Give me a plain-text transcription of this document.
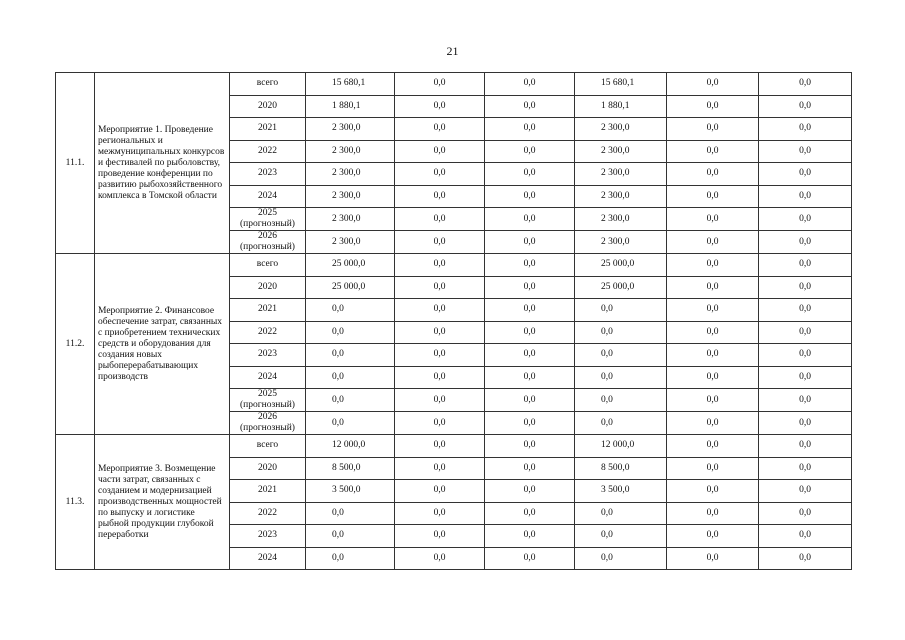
21
11.1.	Мероприятие 1. Проведение региональных и межмуниципальных конкурсов и фестивалей по рыболовству, проведение конференции по развитию рыбохозяйственного комплекса в Томской области	всего	15 680,1	0,0	0,0	15 680,1	0,0	0,0
		2020	1 880,1	0,0	0,0	1 880,1	0,0	0,0
		2021	2 300,0	0,0	0,0	2 300,0	0,0	0,0
		2022	2 300,0	0,0	0,0	2 300,0	0,0	0,0
		2023	2 300,0	0,0	0,0	2 300,0	0,0	0,0
		2024	2 300,0	0,0	0,0	2 300,0	0,0	0,0
		2025 (прогнозный)	2 300,0	0,0	0,0	2 300,0	0,0	0,0
		2026 (прогнозный)	2 300,0	0,0	0,0	2 300,0	0,0	0,0
11.2.	Мероприятие 2. Финансовое обеспечение затрат, связанных с приобретением технических средств и оборудования для создания новых рыбоперерабатывающих производств	всего	25 000,0	0,0	0,0	25 000,0	0,0	0,0
		2020	25 000,0	0,0	0,0	25 000,0	0,0	0,0
		2021	0,0	0,0	0,0	0,0	0,0	0,0
		2022	0,0	0,0	0,0	0,0	0,0	0,0
		2023	0,0	0,0	0,0	0,0	0,0	0,0
		2024	0,0	0,0	0,0	0,0	0,0	0,0
		2025 (прогнозный)	0,0	0,0	0,0	0,0	0,0	0,0
		2026 (прогнозный)	0,0	0,0	0,0	0,0	0,0	0,0
11.3.	Мероприятие 3. Возмещение части затрат, связанных с созданием и модернизацией производственных мощностей по выпуску и логистике рыбной продукции глубокой переработки	всего	12 000,0	0,0	0,0	12 000,0	0,0	0,0
		2020	8 500,0	0,0	0,0	8 500,0	0,0	0,0
		2021	3 500,0	0,0	0,0	3 500,0	0,0	0,0
		2022	0,0	0,0	0,0	0,0	0,0	0,0
		2023	0,0	0,0	0,0	0,0	0,0	0,0
		2024	0,0	0,0	0,0	0,0	0,0	0,0
